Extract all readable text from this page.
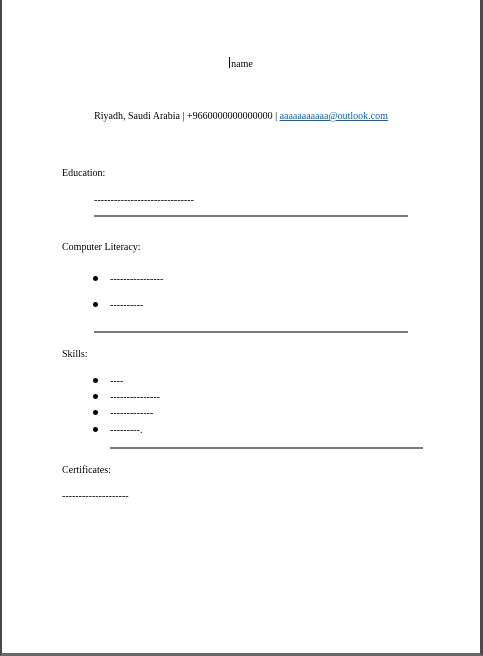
name
Riyadh, Saudi Arabia | +9660000000000000 | aaaaaaaaaaa@outlook.com
Education:
------------------------------
Computer Literacy:
----------------
----------
Skills:
----
---------------
-------------
---------.
Certificates:
--------------------
